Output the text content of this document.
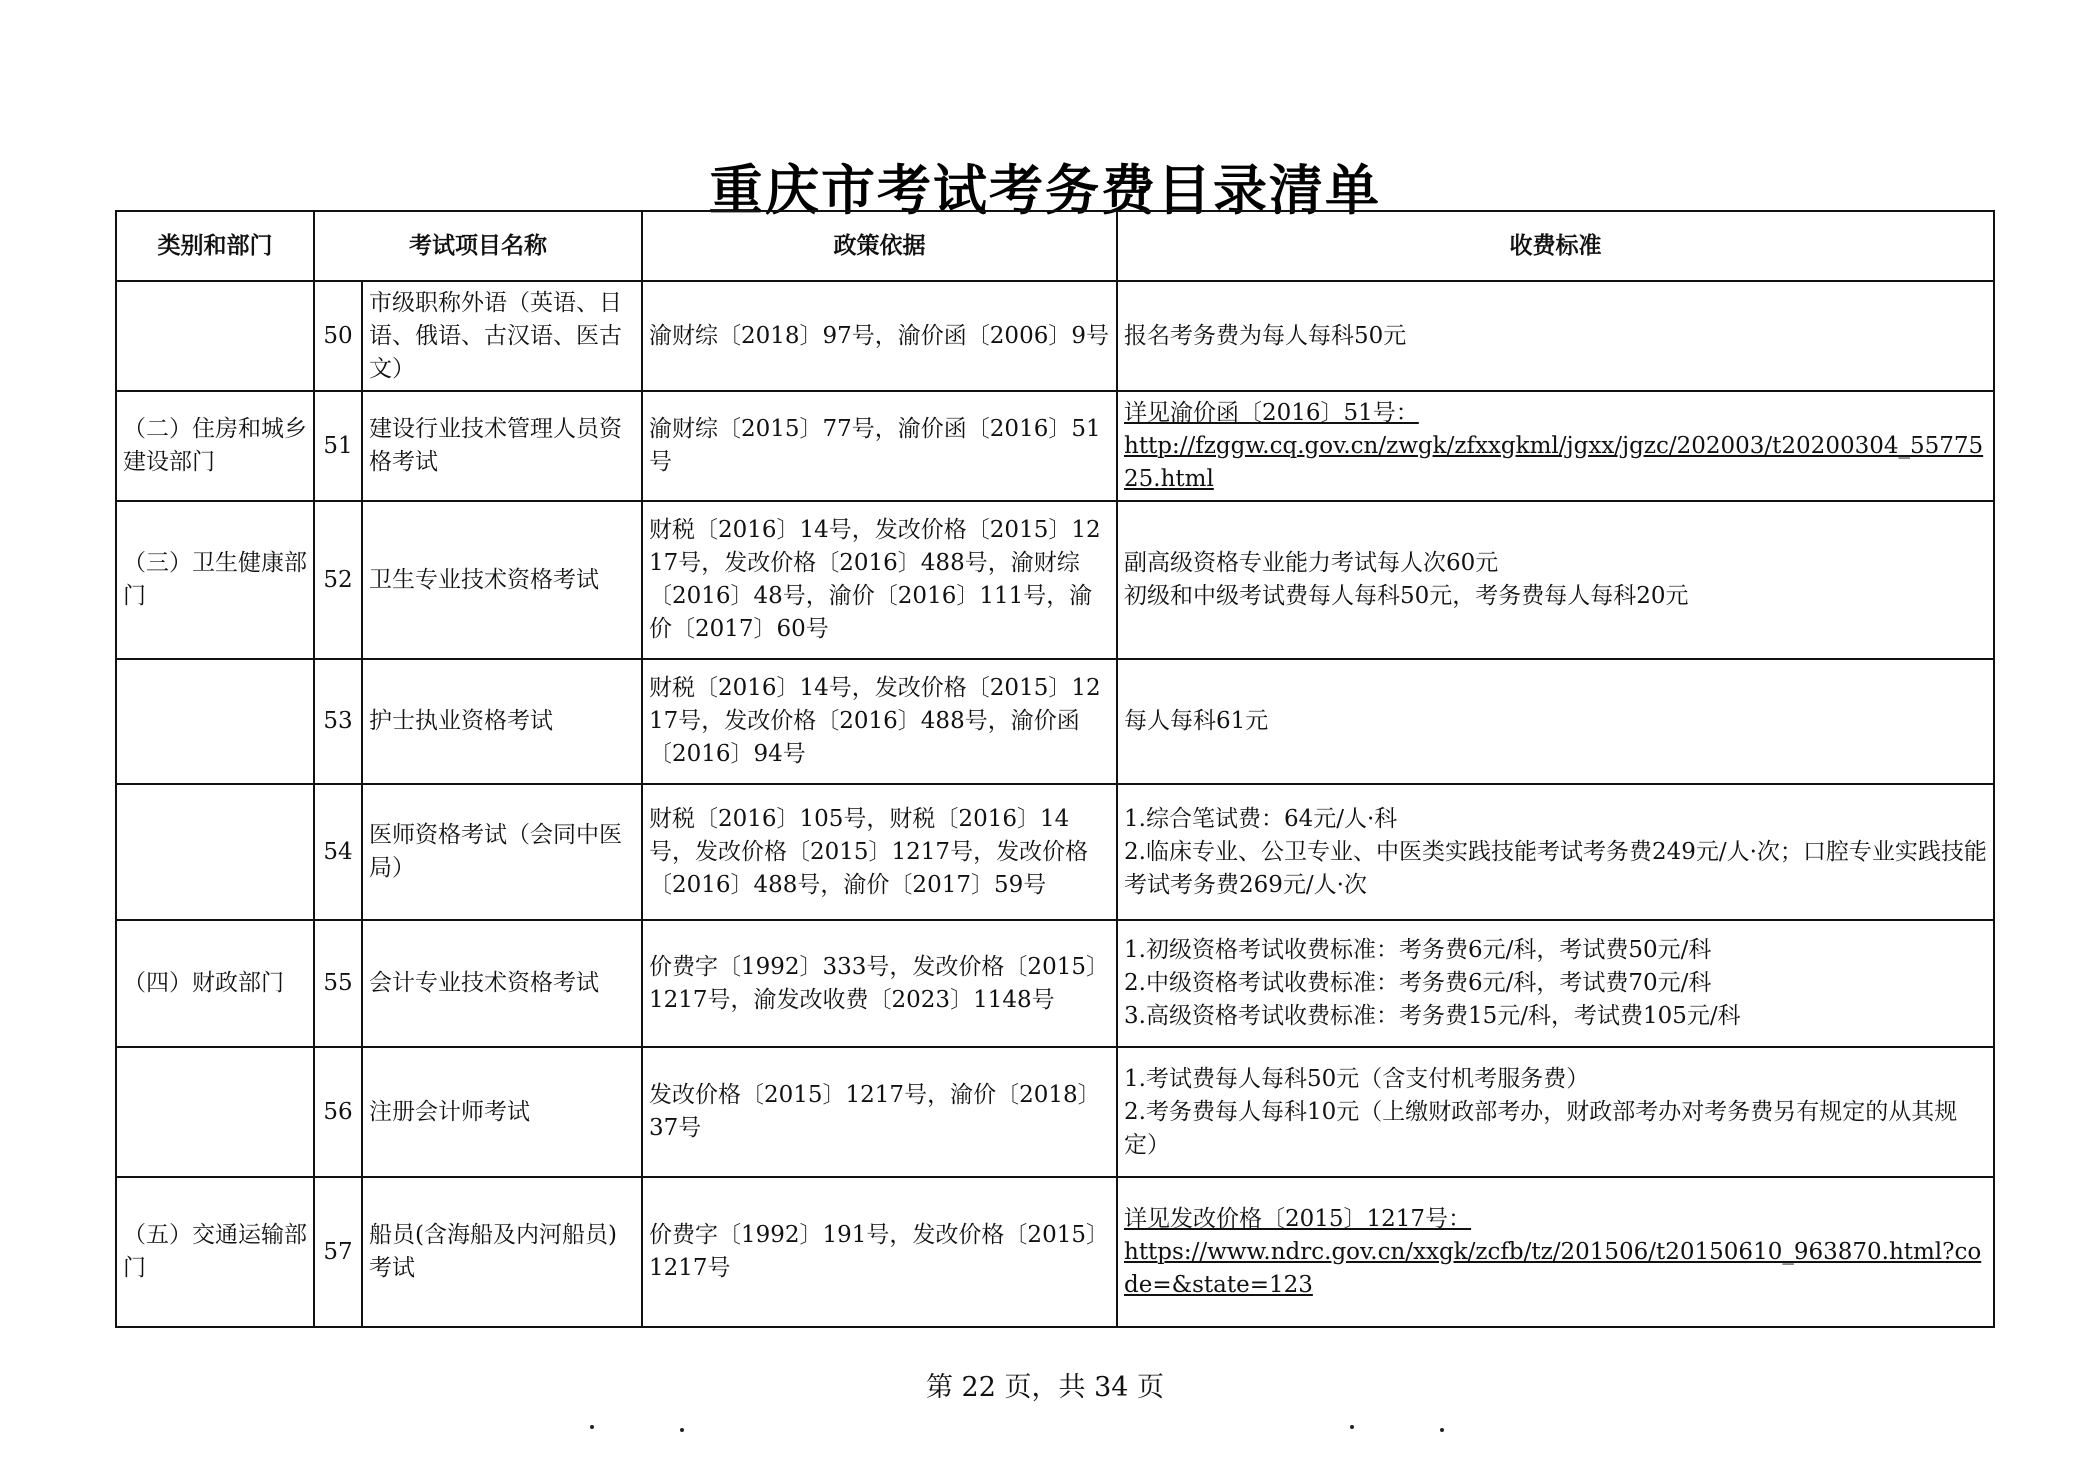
重庆市考试考务费目录清单
类别和部门	考试项目名称		政策依据	收费标准
	50	市级职称外语（英语、日语、俄语、古汉语、医古文）	渝财综〔2018〕97号，渝价函〔2006〕9号	报名考务费为每人每科50元

（二）住房和城乡建设部门	51	建设行业技术管理人员资格考试	渝财综〔2015〕77号，渝价函〔2016〕51号	详见渝价函〔2016〕51号：
http://fzggw.cq.gov.cn/zwgk/zfxxgkml/jgxx/jgzc/202003/t20200304_5577525.html

（三）卫生健康部门	52	卫生专业技术资格考试	财税〔2016〕14号，发改价格〔2015〕1217号，发改价格〔2016〕488号，渝财综〔2016〕48号，渝价〔2016〕111号，渝价〔2017〕60号	副高级资格专业能力考试每人次60元
初级和中级考试费每人每科50元，考务费每人每科20元

	53	护士执业资格考试	财税〔2016〕14号，发改价格〔2015〕1217号，发改价格〔2016〕488号，渝价函〔2016〕94号	每人每科61元

	54	医师资格考试（会同中医局）	财税〔2016〕105号，财税〔2016〕14号，发改价格〔2015〕1217号，发改价格〔2016〕488号，渝价〔2017〕59号	1.综合笔试费：64元/人·科
2.临床专业、公卫专业、中医类实践技能考试考务费249元/人·次；口腔专业实践技能考试考务费269元/人·次

（四）财政部门	55	会计专业技术资格考试	价费字〔1992〕333号，发改价格〔2015〕1217号，渝发改收费〔2023〕1148号	1.初级资格考试收费标准：考务费6元/科，考试费50元/科
2.中级资格考试收费标准：考务费6元/科，考试费70元/科
3.高级资格考试收费标准：考务费15元/科，考试费105元/科

	56	注册会计师考试	发改价格〔2015〕1217号，渝价〔2018〕37号	1.考试费每人每科50元（含支付机考服务费）
2.考务费每人每科10元（上缴财政部考办，财政部考办对考务费另有规定的从其规定）

（五）交通运输部门	57	船员(含海船及内河船员)考试	价费字〔1992〕191号，发改价格〔2015〕1217号	详见发改价格〔2015〕1217号：
https://www.ndrc.gov.cn/xxgk/zcfb/tz/201506/t20150610_963870.html?code=&state=123
第 22 页，共 34 页
